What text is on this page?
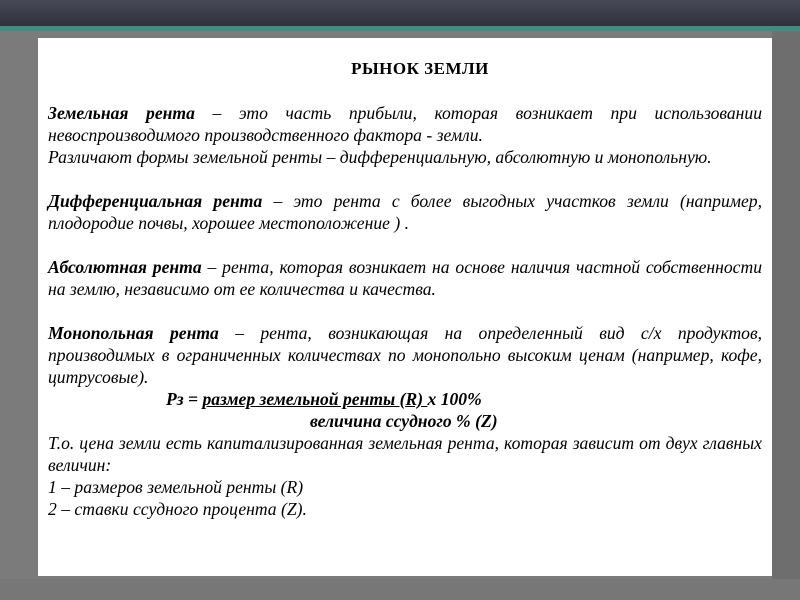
РЫНОК ЗЕМЛИ

Земельная рента – это часть прибыли, которая возникает при использовании невоспроизводимого производственного фактора - земли.

Различают формы земельной ренты – дифференциальную, абсолютную и монопольную.

Дифференциальная рента – это рента с более выгодных участков земли (например, плодородие почвы, хорошее местоположение ) .

Абсолютная рента – рента, которая возникает на основе наличия частной собственности на землю, независимо от ее количества и качества.

Монопольная рента – рента, возникающая на определенный вид с/х продуктов, производимых в ограниченных количествах по монопольно высоким ценам (например, кофе, цитрусовые).

Рз = размер земельной ренты (R) х 100%

величина ссудного % (Z)

Т.о. цена земли есть капитализированная земельная рента, которая зависит от двух главных величин:

1 – размеров земельной ренты (R)

2 – ставки ссудного процента (Z).
